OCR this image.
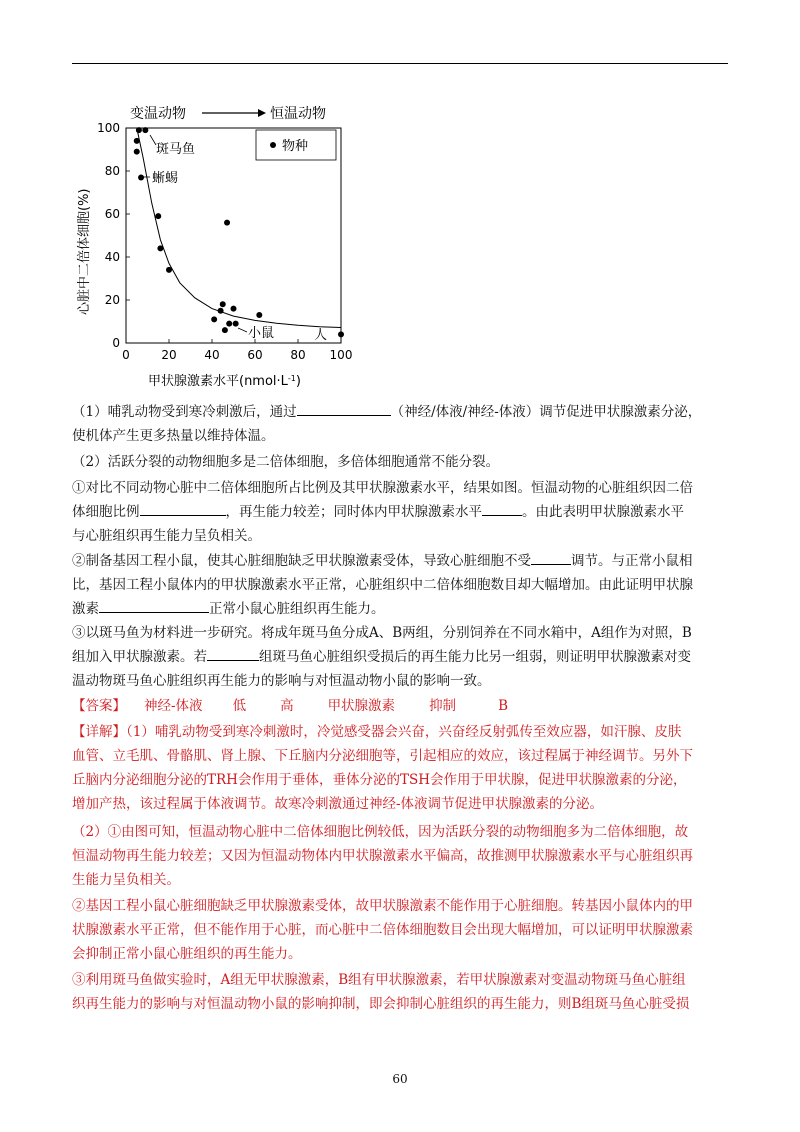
变温动物	恒温动物
物种
心脏中二倍体细胞(%)
甲状腺激素水平$(nmol\cdot L^{-1})$
0	20 40 60 80 100
0
20
40
60
80
100
斑马鱼
蜥蜴
小鼠	人

（1）哺乳动物受到寒冷刺激后，通过	（神经/体液/神经-体液）调节促进甲状腺激素分泌，
使机体产生更多热量以维持体温。

（2）活跃分裂的动物细胞多是二倍体细胞，多倍体细胞通常不能分裂。

①对比不同动物心脏中二倍体细胞所占比例及其甲状腺激素水平，结果如图。恒温动物的心脏组织因二倍
体细胞比例	，再生能力较差；同时体内甲状腺激素水平	。由此表明甲状腺激素水平
与心脏组织再生能力呈负相关。

②制备基因工程小鼠，使其心脏细胞缺乏甲状腺激素受体，导致心脏细胞不受	调节。与正常小鼠相
比，基因工程小鼠体内的甲状腺激素水平正常，心脏组织中二倍体细胞数目却大幅增加。由此证明甲状腺
激素	正常小鼠心脏组织再生能力。

③以斑马鱼为材料进一步研究。将成年斑马鱼分成A、B两组，分别饲养在不同水箱中，A组作为对照，B
组加入甲状腺激素。若	组斑马鱼心脏组织受损后的再生能力比另一组弱，则证明甲状腺激素对变
温动物斑马鱼心脏组织再生能力的影响与对恒温动物小鼠的影响一致。

【答案】 神经-体液 低	高	甲状腺激素	抑制	B

【详解】（1）哺乳动物受到寒冷刺激时，冷觉感受器会兴奋，兴奋经反射弧传至效应器，如汗腺、皮肤
血管、立毛肌、骨骼肌、肾上腺、下丘脑内分泌细胞等，引起相应的效应，该过程属于神经调节。另外下
丘脑内分泌细胞分泌的TRH会作用于垂体，垂体分泌的TSH会作用于甲状腺，促进甲状腺激素的分泌，
增加产热，该过程属于体液调节。故寒冷刺激通过神经-体液调节促进甲状腺激素的分泌。

（2）①由图可知，恒温动物心脏中二倍体细胞比例较低，因为活跃分裂的动物细胞多为二倍体细胞，故
恒温动物再生能力较差；又因为恒温动物体内甲状腺激素水平偏高，故推测甲状腺激素水平与心脏组织再
生能力呈负相关。

②基因工程小鼠心脏细胞缺乏甲状腺激素受体，故甲状腺激素不能作用于心脏细胞。转基因小鼠体内的甲
状腺激素水平正常，但不能作用于心脏，而心脏中二倍体细胞数目会出现大幅增加，可以证明甲状腺激素
会抑制正常小鼠心脏组织的再生能力。

③利用斑马鱼做实验时，A组无甲状腺激素，B组有甲状腺激素，若甲状腺激素对变温动物斑马鱼心脏组
织再生能力的影响与对恒温动物小鼠的影响抑制，即会抑制心脏组织的再生能力，则B组斑马鱼心脏受损

60
